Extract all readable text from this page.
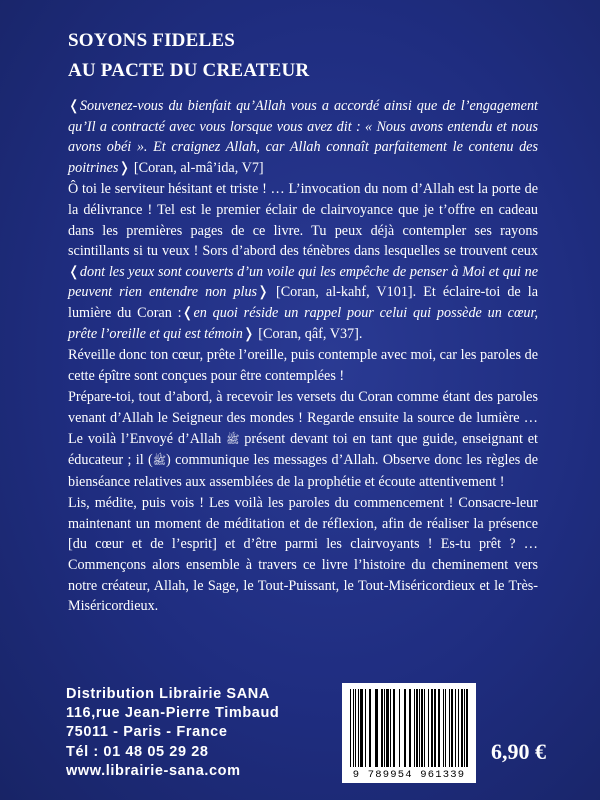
SOYONS FIDELES
AU PACTE DU CREATEUR

❬Souvenez-vous du bienfait qu’Allah vous a accordé ainsi que de l’engagement qu’Il a contracté avec vous lorsque vous avez dit : « Nous avons entendu et nous avons obéi ». Et craignez Allah, car Allah connaît parfaitement le contenu des poitrines❭ [Coran, al-mâ’ida, V7]

Ô toi le serviteur hésitant et triste ! … L’invocation du nom d’Allah est la porte de la délivrance ! Tel est le premier éclair de clairvoyance que je t’offre en cadeau dans les premières pages de ce livre. Tu peux déjà contempler ses rayons scintillants si tu veux ! Sors d’abord des ténèbres dans lesquelles se trouvent ceux ❬dont les yeux sont couverts d’un voile qui les empêche de penser à Moi et qui ne peuvent rien entendre non plus❭ [Coran, al-kahf, V101]. Et éclaire-toi de la lumière du Coran :❬en quoi réside un rappel pour celui qui possède un cœur, prête l’oreille et qui est témoin❭ [Coran, qâf, V37].

Réveille donc ton cœur, prête l’oreille, puis contemple avec moi, car les paroles de cette épître sont conçues pour être contemplées !

Prépare-toi, tout d’abord, à recevoir les versets du Coran comme étant des paroles venant d’Allah le Seigneur des mondes ! Regarde ensuite la source de lumière … Le voilà l’Envoyé d’Allah ﷺ présent devant toi en tant que guide, enseignant et éducateur ; il (ﷺ) communique les messages d’Allah. Observe donc les règles de bienséance relatives aux assemblées de la prophétie et écoute attentivement !

Lis, médite, puis vois ! Les voilà les paroles du commencement ! Consacre-leur maintenant un moment de méditation et de réflexion, afin de réaliser la présence [du cœur et de l’esprit] et d’être parmi les clairvoyants ! Es-tu prêt ? … Commençons alors ensemble à travers ce livre l’histoire du cheminement vers notre créateur, Allah, le Sage, le Tout-Puissant, le Tout-Miséricordieux et le Très-Miséricordieux.

Distribution Librairie SANA
116,rue Jean-Pierre Timbaud
75011 - Paris - France
Tél : 01 48 05 29 28
www.librairie-sana.com	9 789954 961339
6,90 €
